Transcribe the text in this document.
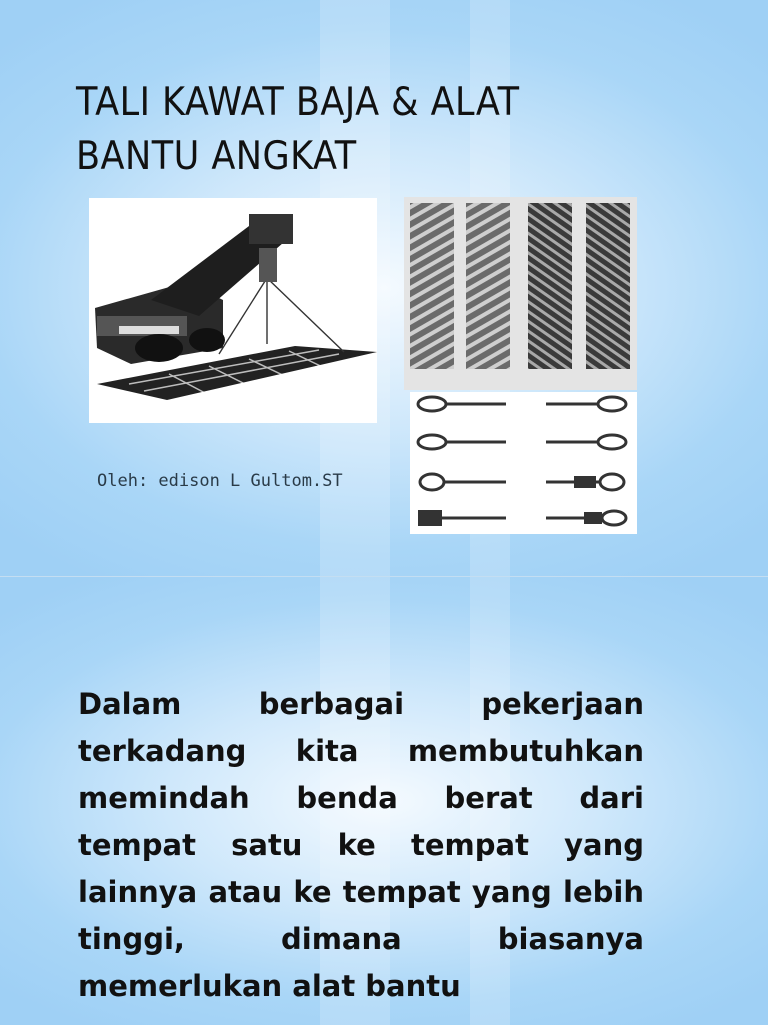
TALI KAWAT BAJA & ALAT BANTU ANGKAT
Oleh: edison L Gultom.ST

Dalam berbagai pekerjaan terkadang kita membutuhkan memindah benda berat dari tempat satu ke tempat yang lainnya atau ke tempat yang lebih tinggi, dimana biasanya memerlukan alat bantu
